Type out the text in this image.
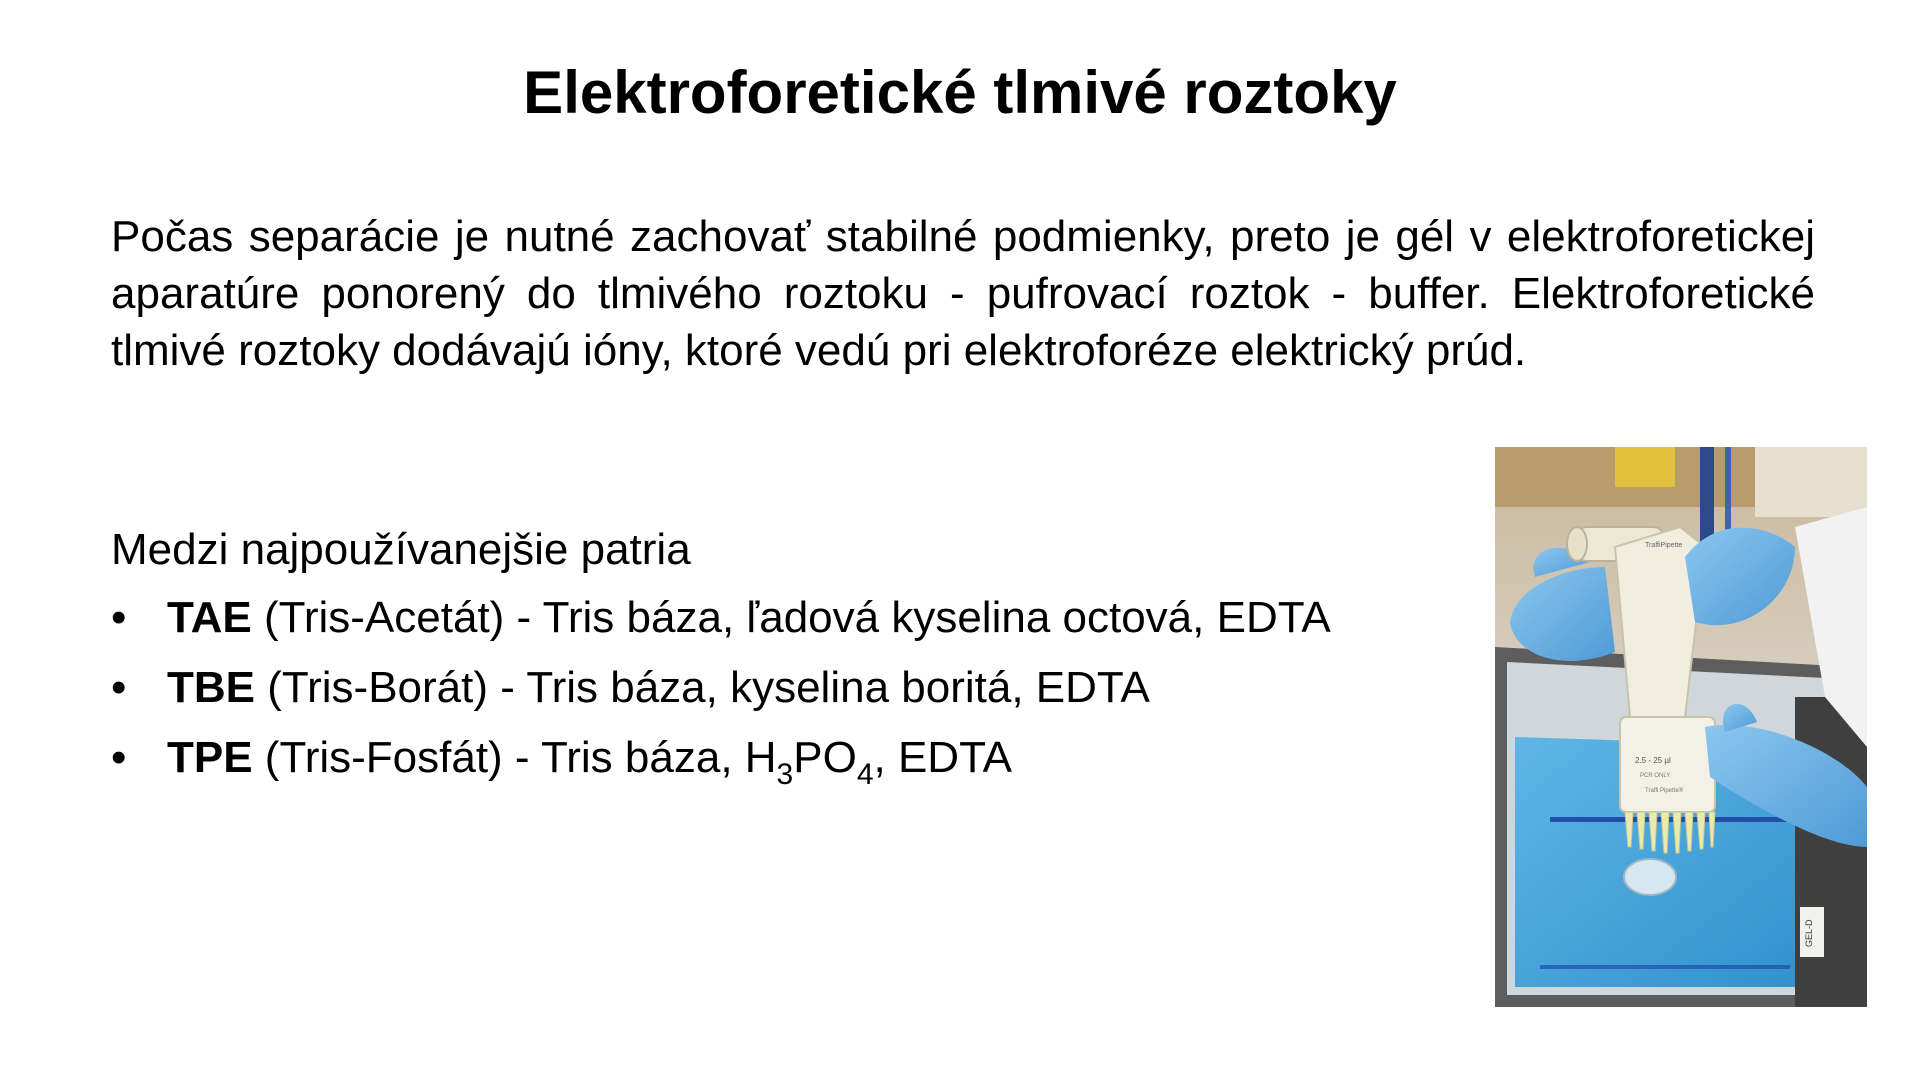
Elektroforetické tlmivé roztoky
Počas separácie je nutné zachovať stabilné podmienky, preto je gél v elektroforetickej aparatúre ponorený do tlmivého roztoku - pufrovací roztok - buffer. Elektroforetické tlmivé roztoky dodávajú ióny, ktoré vedú pri elektroforéze elektrický prúd.
Medzi najpoužívanejšie patria
• TAE (Tris-Acetát) - Tris báza, ľadová kyselina octová, EDTA
• TBE (Tris-Borát) - Tris báza, kyselina boritá, EDTA
• TPE (Tris-Fosfát) - Tris báza, $H_3PO_4$, EDTA
GEL-D
TraffiPipette
2.5 - 25 µl
PCR ONLY
Traffi Pipette®
